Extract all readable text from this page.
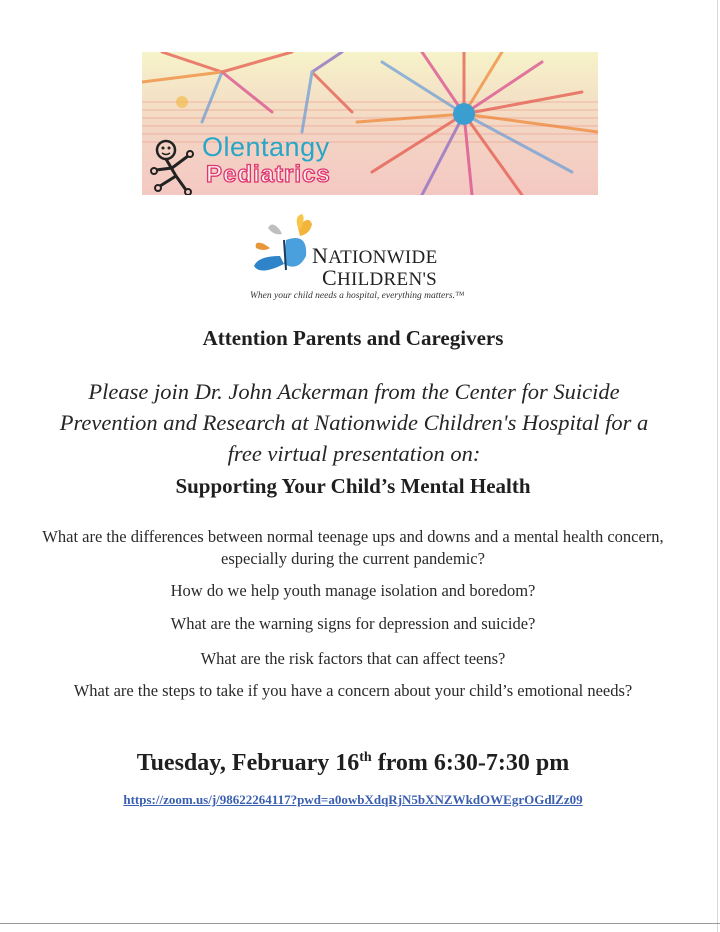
Olentangy
Pediatrics
NATIONWIDE
CHILDREN'S
When your child needs a hospital, everything matters.™
Attention Parents and Caregivers
Please join Dr. John Ackerman from the Center for Suicide
Prevention and Research at Nationwide Children's Hospital for a
free virtual presentation on:
Supporting Your Child’s Mental Health
What are the differences between normal teenage ups and downs and a mental health concern, especially during the current pandemic?
How do we help youth manage isolation and boredom?
What are the warning signs for depression and suicide?
What are the risk factors that can affect teens?
What are the steps to take if you have a concern about your child’s emotional needs?
Tuesday, February 16th from 6:30-7:30 pm
https://zoom.us/j/98622264117?pwd=a0owbXdqRjN5bXNZWkdOWEgrOGdlZz09
